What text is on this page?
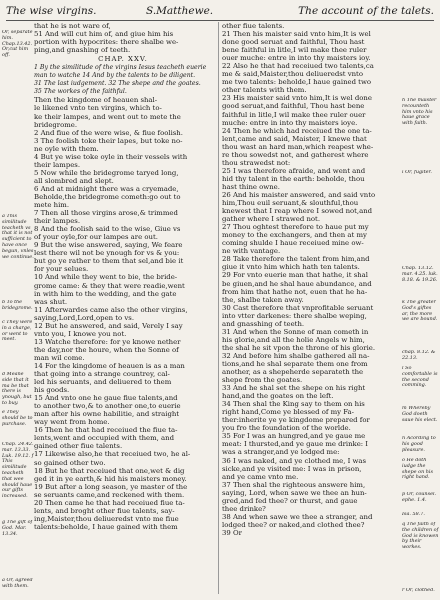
The wise virgins.	S.Matthewe.	The account of the talets.
that he is not ware of,
51 And will cut him of, and giue him his
portion with hypocrites: there shalbe we-
ping,and gnashing of teeth.
CHAP. XXV.
1 By the similitude of the virgins Iesus teacheth euerie
man to watche 14 And by the talents to be diligent.
31 The last iudgement. 32 The shepe and the goates.
35 The workes of the faithful.
Then the kingdome of heauen shal-
le likened vnto ten virgins, which to-
ke their lampes, and went out to mete the
bridegrome.
2 And fiue of the were wise, & fiue foolish.
3 The foolish toke their lapes, but toke no-
ne oyle with them.
4 But ye wise toke oyle in their vessels with
their lampes.
5 Now while the bridegrome taryed long,
all slombred and slept.
6 And at midnight there was a cryemade,
Beholde,the bridegrome cometh:go out to
mete him.
7 Then all those virgins arose,& trimmed
their lampes.
8 And the foolish said to the wise, Giue vs
of your oyle,for our lampes are out.
9 But the wise answered, saying, We feare
lest there wil not be ynough for vs & you:
but go ye rather to them that sel,and bie it
for your selues.
10 And while they went to bie, the bride-
grome came: & they that were readie,went
in with him to the wedding, and the gate
was shut.
11 Afterwardes came also the other virgins,
saying,Lord,Lord,open to vs.
12 But he answered, and said, Verely I say
vnto you, I knowe you not.
13 Watche therefore: for ye knowe nether
the day,nor the houre, when the Sonne of
man wil come.
14 For the kingdome of heauen is as a man
that going into a strange countrey, cal-
led his seruants, and deliuered to them
his goods.
15 And vnto one he gaue fiue talents,and
to another two,& to another one,to euerie
man after his owne habilitie, and straight
way went from home.
16 Then he that had receiued the fiue ta-
lents,went and occupied with them, and
gained other fiue talents.
17 Likewise also,he that receiued two, he al-
so gained other two.
18 But he that receiued that one,wet & dig
ged it in ye earth,& hid his maisters money.
19 But after a long season, ye master of the
se seruants came,and reckened with them.
20 Then came he that had receiued fiue ta-
lents, and broght other fiue talents, say-
ing,Maister,thou deliueredst vnto me fiue
talents:beholde, I haue gained with them
other fiue talents.
21 Then his maister said vnto him,It is wel
done good seruat and faithful, Thou hast
bene faithful in litle,I wil make thee ruler
ouer muche: entre in into thy maisters ioy.
22 Also he that had receiued two talents,ca
me & said,Maister,thou deliueredst vnto
me two talents: beholde,I haue gained two
other talents with them.
23 His maister said vnto him,It is wel done
good seruat,and faithful, Thou hast bene
faithful in litle,I wil make thee ruler ouer
muche: entre in into thy maisters ioye.
24 Then he which had receiued the one ta-
lent,came and said, Maister, I knewe that
thou wast an hard man,which reapest whe-
re thou sowedst not, and gatherest where
thou strawedst not:
25 I was therefore afraide, and went and
hid thy talent in the earth: beholde, thou
hast thine owne.
26 And his maister answered, and said vnto
him,Thou euil seruant,& slouthful,thou
knewest that I reap where I sowed not,and
gather where I strawed not.
27 Thou oghtest therefore to haue put my
money to the exchangers, and then at my
coming shulde I haue receiued mine ow-
ne with vantage.
28 Take therefore the talent from him,and
giue it vnto him which hath ten talents.
29 For vnto euerie man that hathe, it shal
be giuen,and he shal haue abundance, and
from him that hathe not, euen that he ha-
the, shalbe taken away.
30 Cast therefore that vnprofitable seruant
into vtter darkenes: there shalbe weping,
and gnasshing of teeth.
31 And when the Sonne of man cometh in
his glorie,and all the holie Angels w him,
the shal he sit vpon the throne of his glorie.
32 And before him shalbe gathered all na-
tions,and he shal separate them one from
another, as a shepeherde separateth the
shepe from the goates.
33 And he shal set the shepe on his right
hand,and the goates on the left.
34 Then shal the King say to them on his
right hand,Come ye blessed of my Fa-
ther:inherite ye ye kingdome prepared for
you fro the foundation of the worlde.
35 For I was an hungred,and ye gaue me
meat: I thursted,and ye gaue me drinke: I
was a stranger,and ye lodged me:
36 I was naked, and ye clothed me, I was
sicke,and ye visited me: I was in prison,
and ye came vnto me.
37 Then shal the righteous answere him,
saying, Lord, when sawe we thee an hun-
gred,and fed thee? or thurst, and gaue
thee drinke?
38 And when sawe we thee a stranger, and
lodged thee? or naked,and clothed thee?
39 Or
Or, separate him. Chap.13.42. Or,cut him off.
a This similitude teacheth vs that it is not sufficient to have once begun, vnles we continue.
b To the bridegrome.
c They were in a charge, or went to meet.
d Meane side that it ma be that there is ynough, but to buy.
e They should be to purchase.
Chap. 24.42. mar. 13.33. Luk. 19.12. f This similitude teacheth that wee should haue our gifts increased.
g The gift of God. Mar. 13.34.
a Or, agreed with them.
h The maister recounteth him vnto his haue grace with faith.
i Or, fugiter.
Chap. 13.12. mar. 4.25. luk. 8.18. & 19.26.
k The greater God's giftes ar, the more we are bound.
chap. 8.12. & 22.13.
l So comfortable is the second comming.
m Whereby God doeth saue his elect.
n Acording to his good pleasure.
o He doth iudge the shepe on his right hand.
p Or, counsel. ephe. 1.4.
Isa. 58.7.
q The faith of the children of God is knowen by their workes.
r Or, clothed.
